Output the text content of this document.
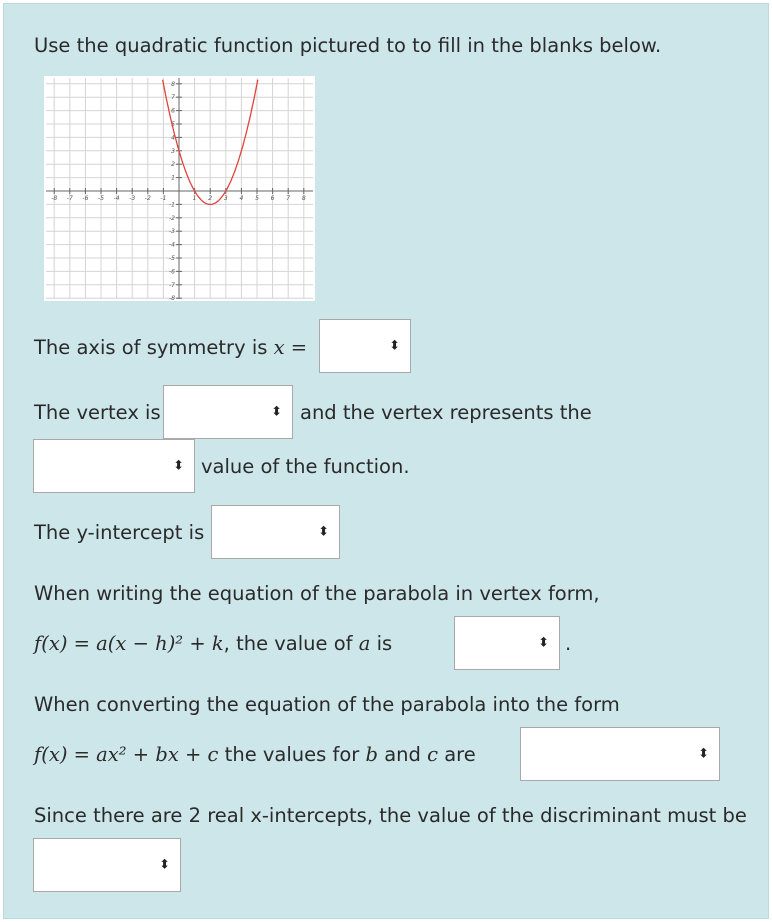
Use the quadratic function pictured to to fill in the blanks below.
-8 -7 -6 -5 -4 -3 -2 -1	1 2 3 4 5 6 7 8
8
7
6
5
4
3
2
1
-1
-2
-3
-4
-5
-6
-7
-8
The axis of symmetry is x =	⬍
The vertex is	⬍ and the vertex represents the
⬍ value of the function.
The y-intercept is	⬍
When writing the equation of the parabola in vertex form,
f(x) = a(x − h)² + k, the value of a is	⬍ .
When converting the equation of the parabola into the form
f(x) = ax² + bx + c the values for b and c are	⬍
Since there are 2 real x-intercepts, the value of the discriminant must be
⬍
